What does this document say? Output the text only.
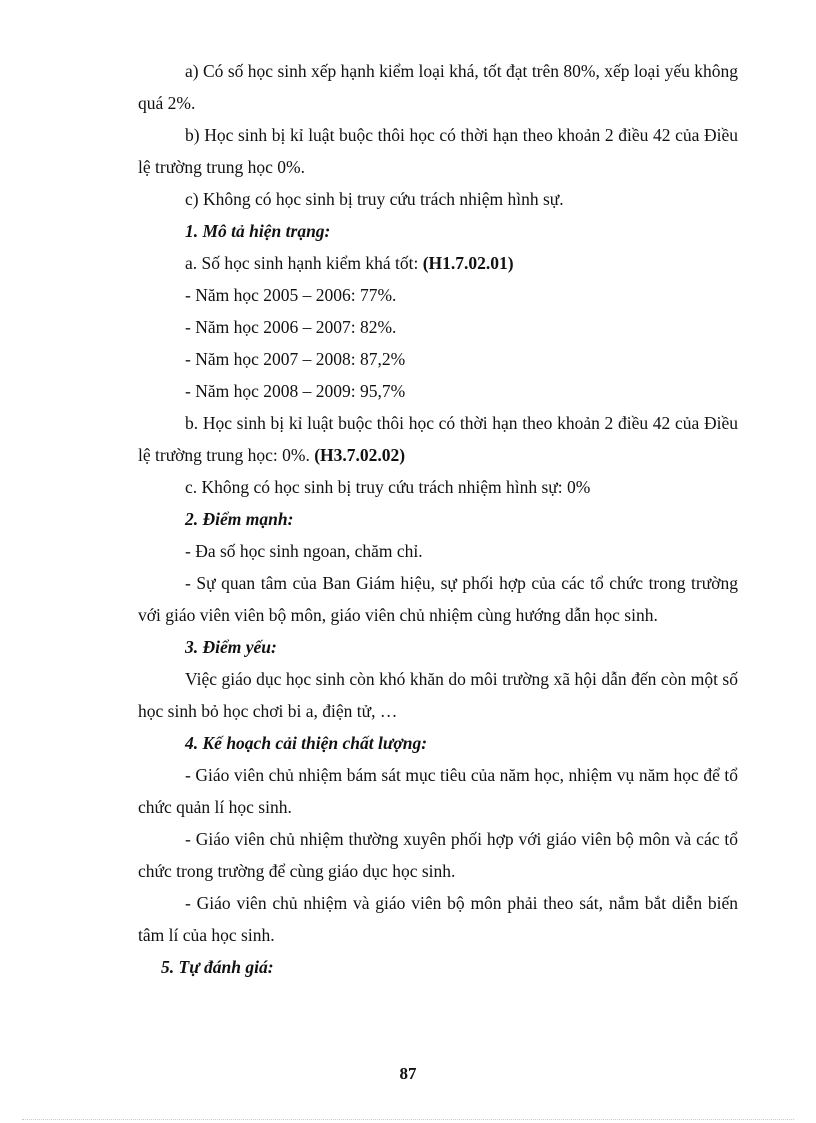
a) Có số học sinh xếp hạnh kiểm loại khá, tốt đạt trên 80%, xếp loại yếu không quá 2%.

b) Học sinh bị kỉ luật buộc thôi học có thời hạn theo khoản 2 điều 42 của Điều lệ trường trung học 0%.

c) Không có học sinh bị truy cứu trách nhiệm hình sự.

1. Mô tả hiện trạng:

a. Số học sinh hạnh kiểm khá tốt: (H1.7.02.01)

- Năm học 2005 – 2006: 77%.

- Năm học 2006 – 2007: 82%.

- Năm học 2007 – 2008: 87,2%

- Năm học 2008 – 2009: 95,7%

b. Học sinh bị kỉ luật buộc thôi học có thời hạn theo khoản 2 điều 42 của Điều lệ trường trung học: 0%. (H3.7.02.02)

c. Không có học sinh bị truy cứu trách nhiệm hình sự: 0%

2. Điểm mạnh:

- Đa số học sinh ngoan, chăm chỉ.

- Sự quan tâm của Ban Giám hiệu, sự phối hợp của các tổ chức trong trường với giáo viên viên bộ môn, giáo viên chủ nhiệm cùng hướng dẫn học sinh.

3. Điểm yếu:

Việc giáo dục học sinh còn khó khăn do môi trường xã hội dẫn đến còn một số học sinh bỏ học chơi bi a, điện tử, …

4. Kế hoạch cải thiện chất lượng:

- Giáo viên chủ nhiệm bám sát mục tiêu của năm học, nhiệm vụ năm học để tổ chức quản lí học sinh.

- Giáo viên chủ nhiệm thường xuyên phối hợp với giáo viên bộ môn và các tổ chức trong trường để cùng giáo dục học sinh.

- Giáo viên chủ nhiệm và giáo viên bộ môn phải theo sát, nắm bắt diễn biến tâm lí của học sinh.

5. Tự đánh giá:

87
